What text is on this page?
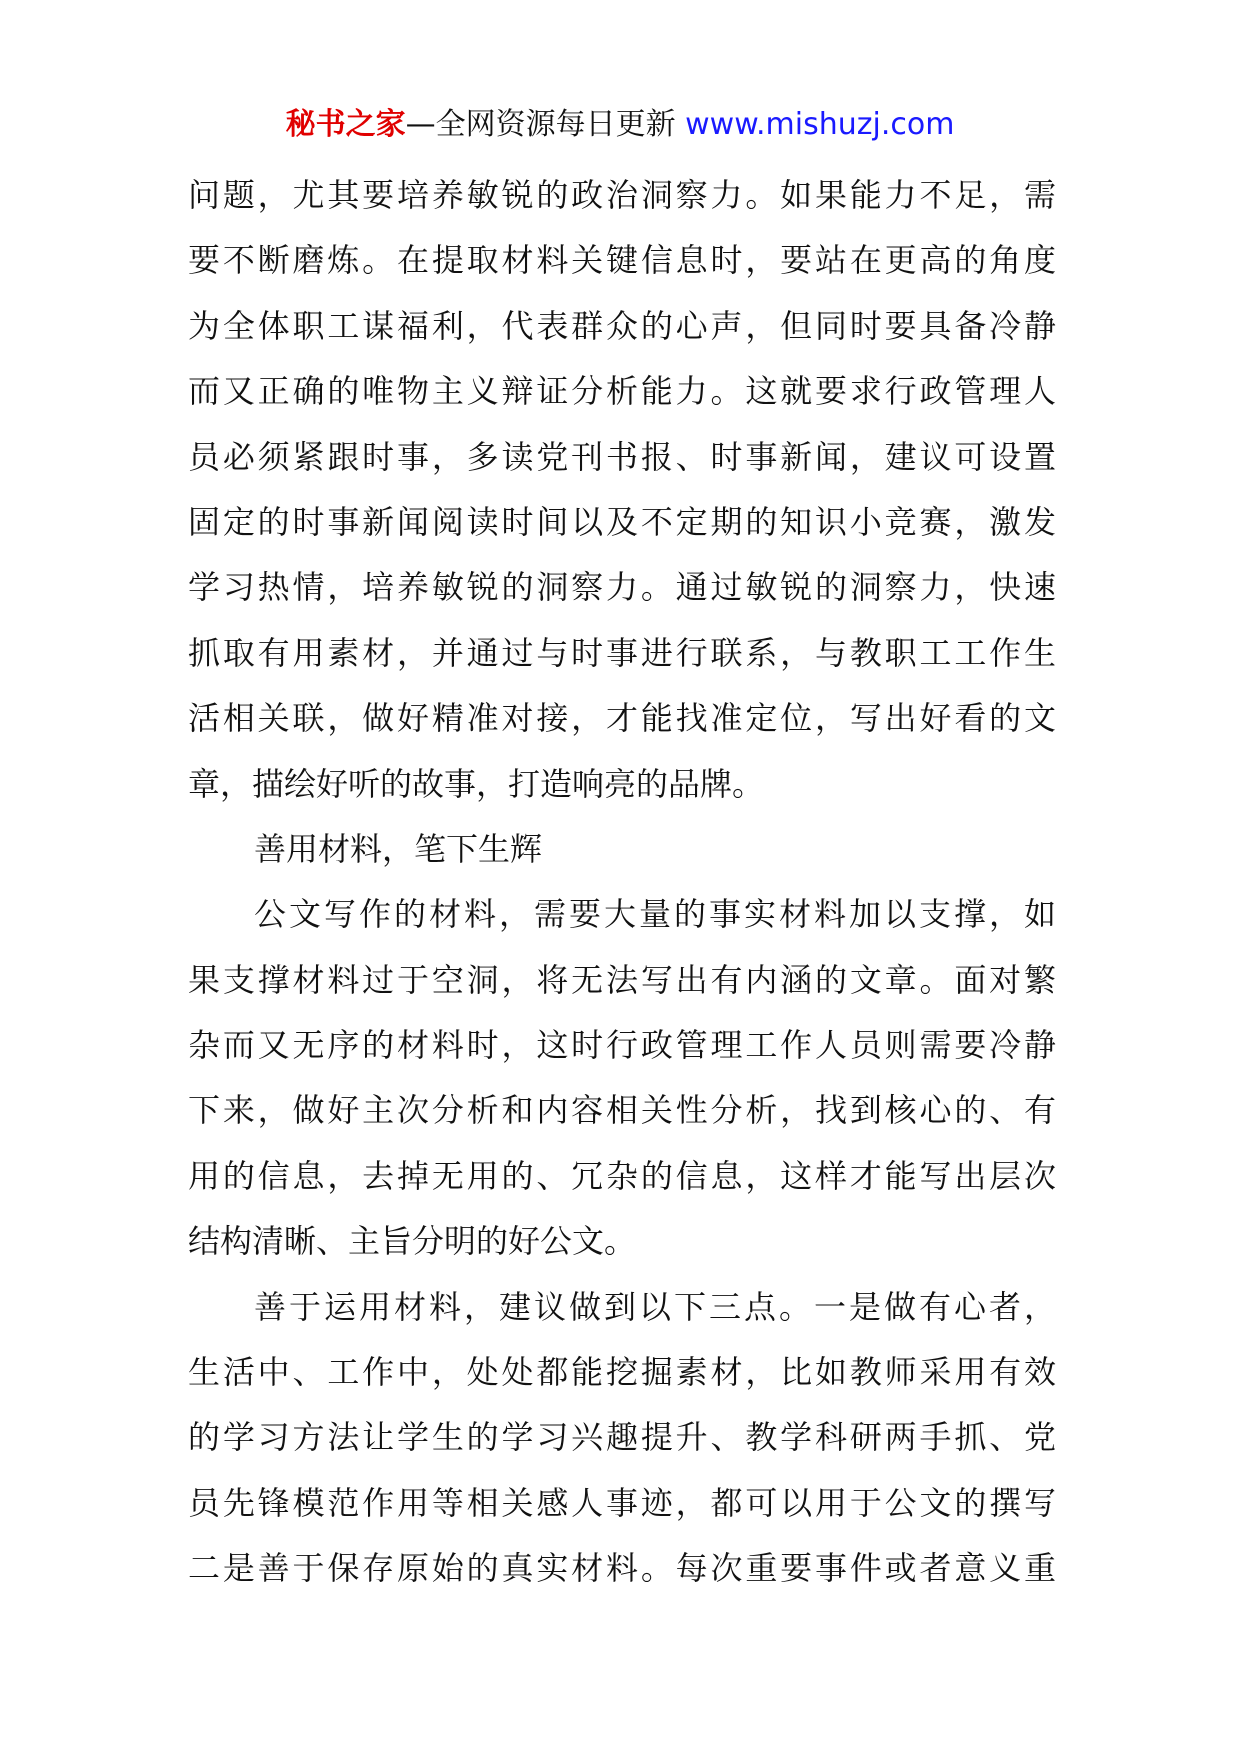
秘书之家—全网资源每日更新 www.mishuzj.com
问题，尤其要培养敏锐的政治洞察力。如果能力不足，需
要不断磨炼。在提取材料关键信息时，要站在更高的角度
为全体职工谋福利，代表群众的心声，但同时要具备冷静
而又正确的唯物主义辩证分析能力。这就要求行政管理人
员必须紧跟时事，多读党刊书报、时事新闻，建议可设置
固定的时事新闻阅读时间以及不定期的知识小竞赛，激发
学习热情，培养敏锐的洞察力。通过敏锐的洞察力，快速
抓取有用素材，并通过与时事进行联系，与教职工工作生
活相关联，做好精准对接，才能找准定位，写出好看的文
章，描绘好听的故事，打造响亮的品牌。
善用材料，笔下生辉
公文写作的材料，需要大量的事实材料加以支撑，如
果支撑材料过于空洞，将无法写出有内涵的文章。面对繁
杂而又无序的材料时，这时行政管理工作人员则需要冷静
下来，做好主次分析和内容相关性分析，找到核心的、有
用的信息，去掉无用的、冗杂的信息，这样才能写出层次
结构清晰、主旨分明的好公文。
善于运用材料，建议做到以下三点。一是做有心者，
生活中、工作中，处处都能挖掘素材，比如教师采用有效
的学习方法让学生的学习兴趣提升、教学科研两手抓、党
员先锋模范作用等相关感人事迹，都可以用于公文的撰写
二是善于保存原始的真实材料。每次重要事件或者意义重
